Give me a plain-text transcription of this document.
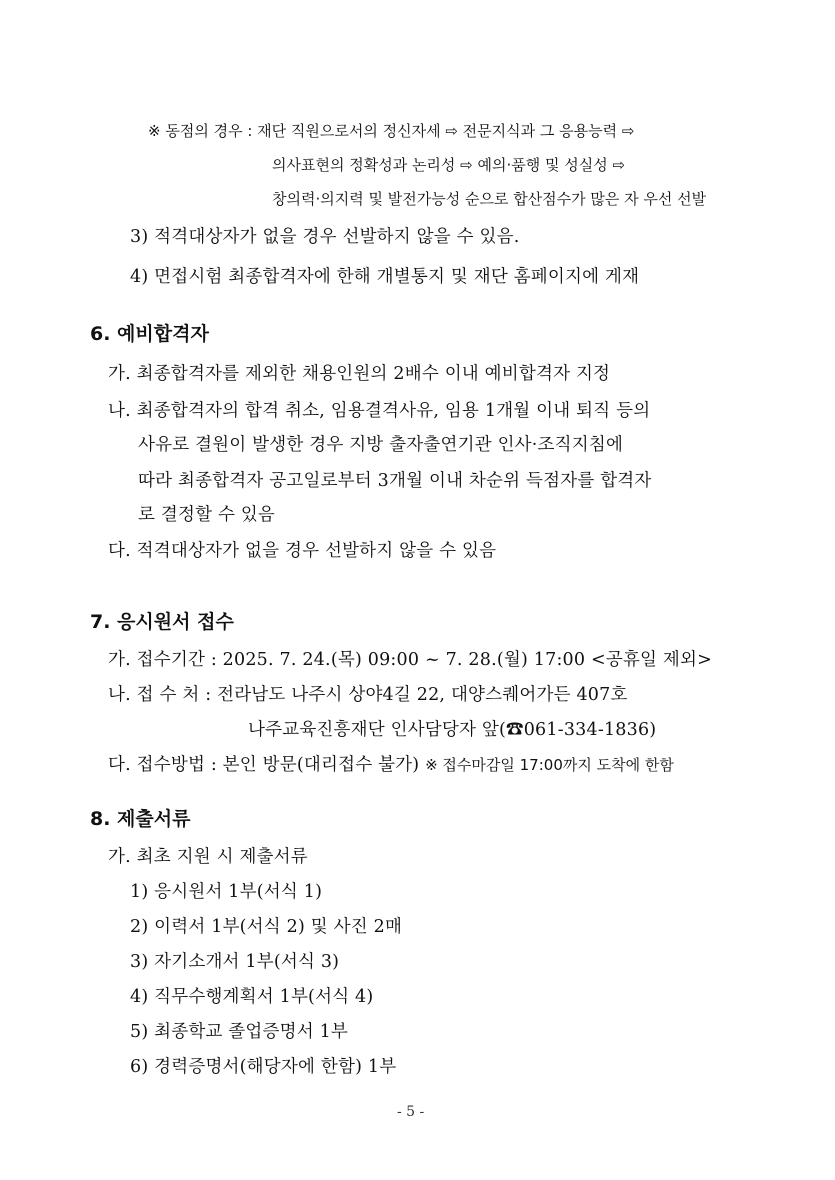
※ 동점의 경우 : 재단 직원으로서의 정신자세 ⇨ 전문지식과 그 응용능력 ⇨
의사표현의 정확성과 논리성 ⇨ 예의·품행 및 성실성 ⇨
창의력·의지력 및 발전가능성 순으로 합산점수가 많은 자 우선 선발
3) 적격대상자가 없을 경우 선발하지 않을 수 있음.
4) 면접시험 최종합격자에 한해 개별통지 및 재단 홈페이지에 게재
6. 예비합격자
가. 최종합격자를 제외한 채용인원의 2배수 이내 예비합격자 지정
나. 최종합격자의 합격 취소, 임용결격사유, 임용 1개월 이내 퇴직 등의
사유로 결원이 발생한 경우 지방 출자출연기관 인사·조직지침에
따라 최종합격자 공고일로부터 3개월 이내 차순위 득점자를 합격자
로 결정할 수 있음
다. 적격대상자가 없을 경우 선발하지 않을 수 있음
7. 응시원서 접수
가. 접수기간 : 2025. 7. 24.(목) 09:00 ~ 7. 28.(월) 17:00 <공휴일 제외>
나. 접 수 처 : 전라남도 나주시 상야4길 22, 대양스퀘어가든 407호
나주교육진흥재단 인사담당자 앞(☎061-334-1836)
다. 접수방법 : 본인 방문(대리접수 불가) ※ 접수마감일 17:00까지 도착에 한함
8. 제출서류
가. 최초 지원 시 제출서류
1) 응시원서 1부(서식 1)
2) 이력서 1부(서식 2) 및 사진 2매
3) 자기소개서 1부(서식 3)
4) 직무수행계획서 1부(서식 4)
5) 최종학교 졸업증명서 1부
6) 경력증명서(해당자에 한함) 1부
- 5 -
